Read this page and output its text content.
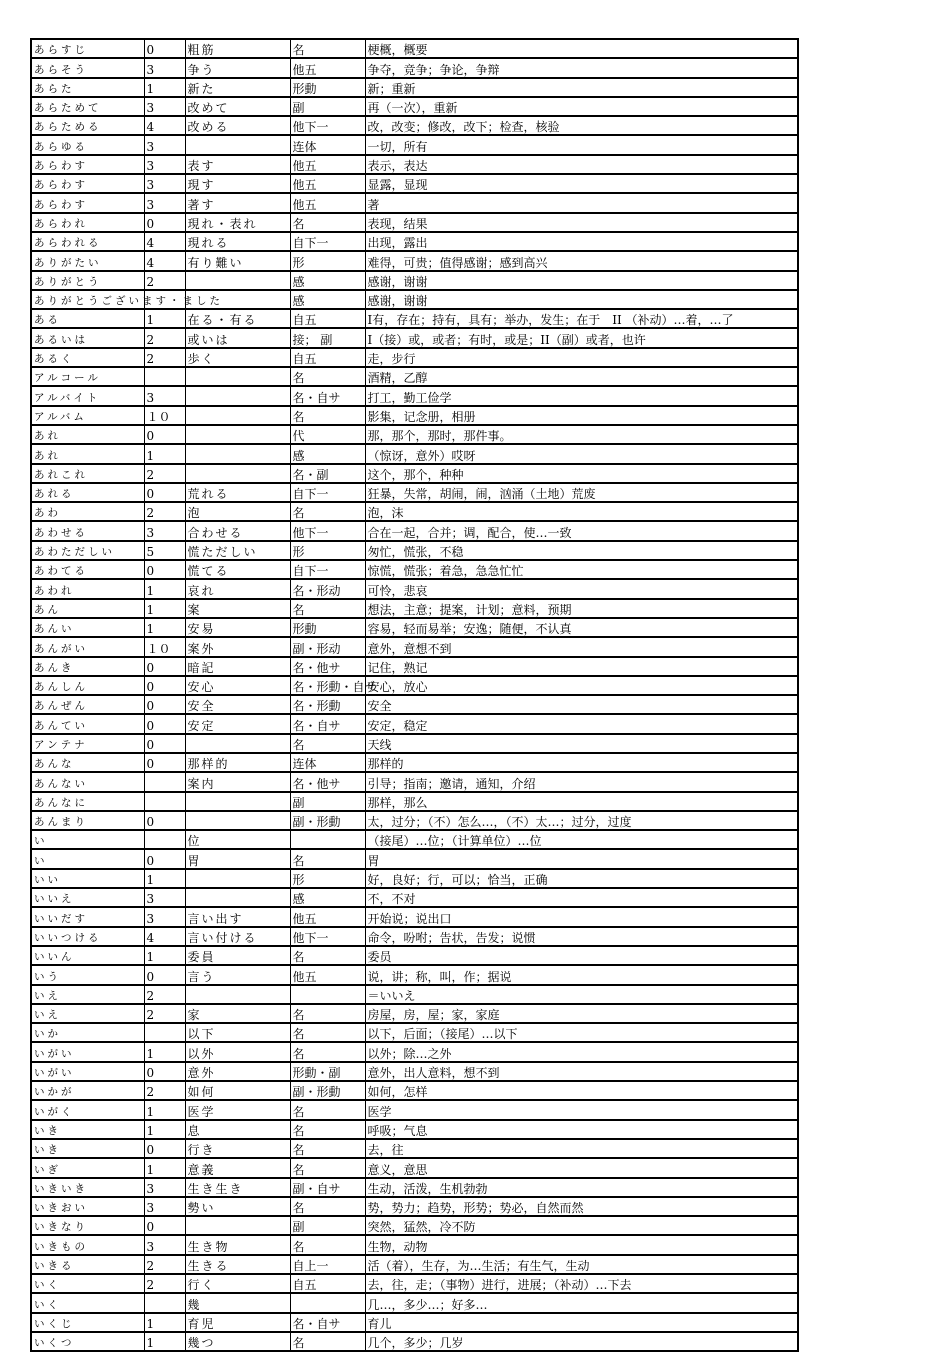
あらすじ	0	粗筋	名	梗概，概要
あらそう	3	争う	他五	争夺，竞争；争论，争辩
あらた	1	新た	形動	新；重新
あらためて	3	改めて	副	再（一次），重新
あらためる	4	改める	他下一	改，改变；修改，改下；检查，核验
あらゆる	3		连体	一切，所有
あらわす	3	表す	他五	表示，表达
あらわす	3	現す	他五	显露，显现
あらわす	3	著す	他五	著
あらわれ	0	現れ・表れ	名	表现，结果
あらわれる	4	現れる	自下一	出现，露出
ありがたい	4	有り難い	形	难得，可贵；值得感谢；感到高兴
ありがとう	2		感	感谢，谢谢
ありがとうございます・ました			感	感谢，谢谢
ある	1	在る・有る	自五	I有，存在；持有，具有；举办，发生；在于　II （补动）…着，…了
あるいは	2	或いは	接； 副	I（接）或，或者；有时，或是；II（副）或者，也许
あるく	2	歩く	自五	走，步行
アルコール			名	酒精，乙醇
アルバイト	3		名・自サ	打工，勤工俭学
アルバム	１０		名	影集，记念册，相册
あれ	0		代	那，那个，那时，那件事。
あれ	1		感	（惊讶，意外）哎呀
あれこれ	2		名・副	这个，那个，种种
あれる	0	荒れる	自下一	狂暴，失常，胡闹，闹，汹涌（土地）荒废
あわ	2	泡	名	泡，沫
あわせる	3	合わせる	他下一	合在一起，合并；调，配合，使…一致
あわただしい	5	慌ただしい	形	匆忙，慌张，不稳
あわてる	0	慌てる	自下一	惊慌，慌张；着急，急急忙忙
あわれ	1	哀れ	名・形动	可怜，悲哀
あん	1	案	名	想法，主意；提案，计划；意料，预期
あんい	1	安易	形動	容易，轻而易举；安逸；随便，不认真
あんがい	１０	案外	副・形动	意外，意想不到
あんき	0	暗記	名・他サ	记住，熟记
あんしん	0	安心	名・形動・自サ	安心，放心
あんぜん	0	安全	名・形動	安全
あんてい	0	安定	名・自サ	安定，稳定
アンテナ	0		名	天线
あんな	0	那样的	连体	那样的
あんない		案内	名・他サ	引导；指南；邀请，通知，介绍
あんなに			副	那样，那么
あんまり	0		副・形動	太，过分；（不）怎么…，（不）太…；过分，过度
い		位		（接尾）…位；（计算单位）…位
い	0	胃	名	胃
いい	1		形	好，良好；行，可以；恰当，正确
いいえ	3		感	不，不对
いいだす	3	言い出す	他五	开始说；说出口
いいつける	4	言い付ける	他下一	命令，吩咐；告状，告发；说惯
いいん	1	委員	名	委员
いう	0	言う	他五	说，讲；称，叫，作；据说
いえ	2			＝いいえ
いえ	2	家	名	房屋，房，屋；家，家庭
いか		以下	名	以下，后面；（接尾）…以下
いがい	1	以外	名	以外；除…之外
いがい	0	意外	形動・副	意外，出人意料，想不到
いかが	2	如何	副・形動	如何，怎样
いがく	1	医学	名	医学
いき	1	息	名	呼吸；气息
いき	0	行き	名	去，往
いぎ	1	意義	名	意义，意思
いきいき	3	生き生き	副・自サ	生动，活泼，生机勃勃
いきおい	3	勢い	名	势，势力；趋势，形势；势必，自然而然
いきなり	0		副	突然，猛然，冷不防
いきもの	3	生き物	名	生物，动物
いきる	2	生きる	自上一	活（着），生存，为…生活；有生气，生动
いく	2	行く	自五	去，往，走；（事物）进行，进展；（补动）…下去
いく		幾		几…，多少…；好多…
いくじ	1	育児	名・自サ	育儿
いくつ	1	幾つ	名	几个，多少；几岁
